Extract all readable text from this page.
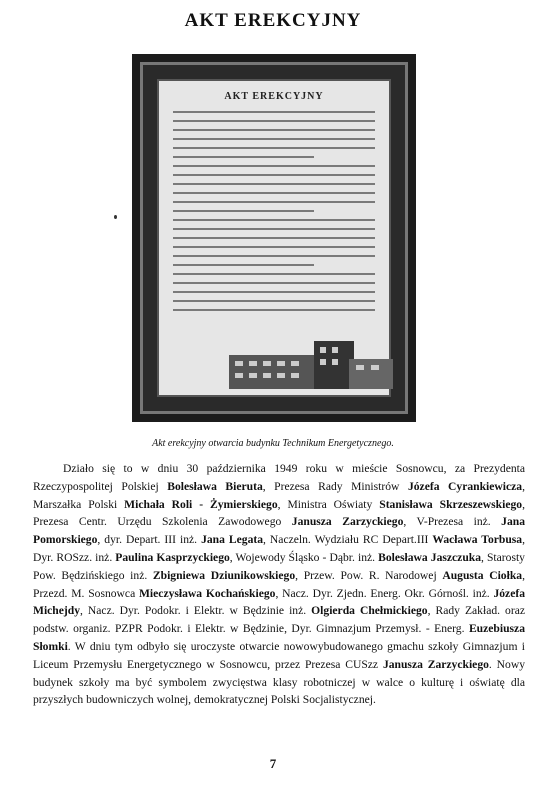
AKT EREKCYJNY
AKT EREKCYJNY
Akt erekcyjny otwarcia budynku Technikum Energetycznego.

Działo się to w dniu 30 października 1949 roku w mieście Sosnowcu, za Prezydenta Rzeczypospolitej Polskiej Bolesława Bieruta, Prezesa Rady Ministrów Józefa Cyrankiewicza, Marszałka Polski Michała Roli - Żymierskiego, Ministra Oświaty Stanisława Skrzeszewskiego, Prezesa Centr. Urzędu Szkolenia Zawodowego Janusza Zarzyckiego, V-Prezesa inż. Jana Pomorskiego, dyr. Depart. III inż. Jana Legata, Naczeln. Wydziału RC Depart.III Wacława Torbusa, Dyr. ROSzz. inż. Paulina Kasprzyckiego, Wojewody Śląsko - Dąbr. inż. Bolesława Jaszczuka, Starosty Pow. Będzińskiego inż. Zbigniewa Dziunikowskiego, Przew. Pow. R. Narodowej Augusta Ciołka, Przezd. M. Sosnowca Mieczysława Kochańskiego, Nacz. Dyr. Zjedn. Energ. Okr. Górnośl. inż. Józefa Michejdy, Nacz. Dyr. Podokr. i Elektr. w Będzinie inż. Olgierda Chełmickiego, Rady Zakład. oraz podstw. organiz. PZPR Podokr. i Elektr. w Będzinie, Dyr. Gimnazjum Przemysł. - Energ. Euzebiusza Słomki. W dniu tym odbyło się uroczyste otwarcie nowowybudowanego gmachu szkoły Gimnazjum i Liceum Przemysłu Energetycznego w Sosnowcu, przez Prezesa CUSzz Janusza Zarzyckiego. Nowy budynek szkoły ma być symbolem zwycięstwa klasy robotniczej w walce o kulturę i oświatę dla przyszłych budowniczych wolnej, demokratycznej Polski Socjalistycznej.

7
